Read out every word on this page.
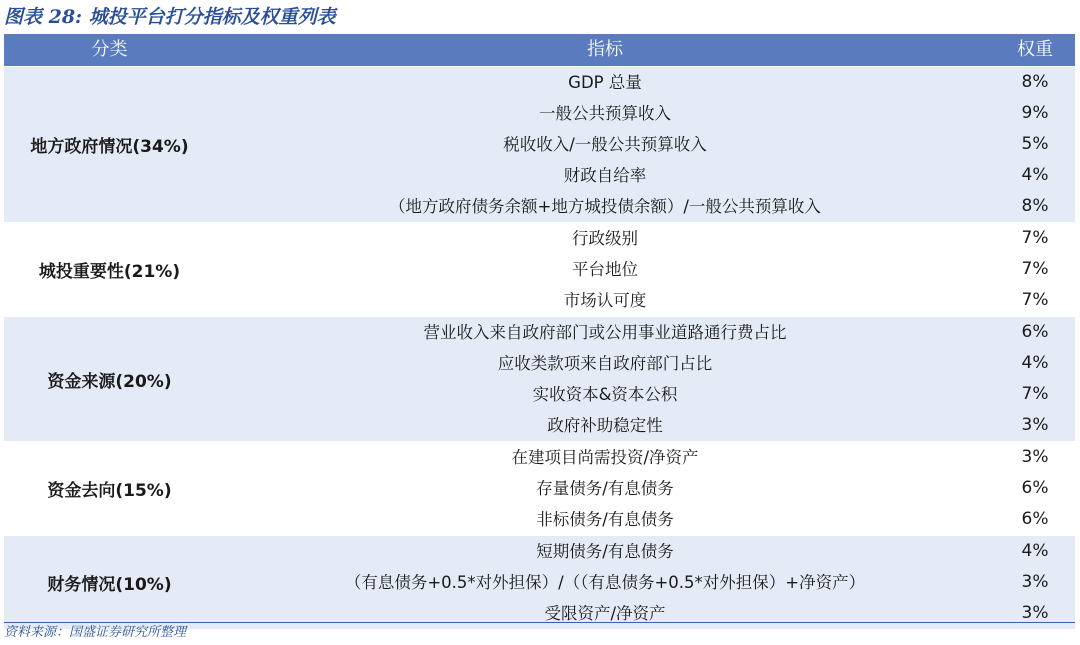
图表 28: 城投平台打分指标及权重列表
分类	指标	权重
地方政府情况(34%)
GDP 总量	8%
一般公共预算收入	9%
税收收入/一般公共预算收入	5%
财政自给率	4%
（地方政府债务余额+地方城投债余额）/一般公共预算收入	8%
城投重要性(21%)
行政级别	7%
平台地位	7%
市场认可度	7%
资金来源(20%)
营业收入来自政府部门或公用事业道路通行费占比	6%
应收类款项来自政府部门占比	4%
实收资本&资本公积	7%
政府补助稳定性	3%
资金去向(15%)
在建项目尚需投资/净资产	3%
存量债务/有息债务	6%
非标债务/有息债务	6%
财务情况(10%)
短期债务/有息债务	4%
（有息债务+0.5*对外担保）/（（有息债务+0.5*对外担保）+净资产）	3%
受限资产/净资产	3%
资料来源：国盛证券研究所整理
